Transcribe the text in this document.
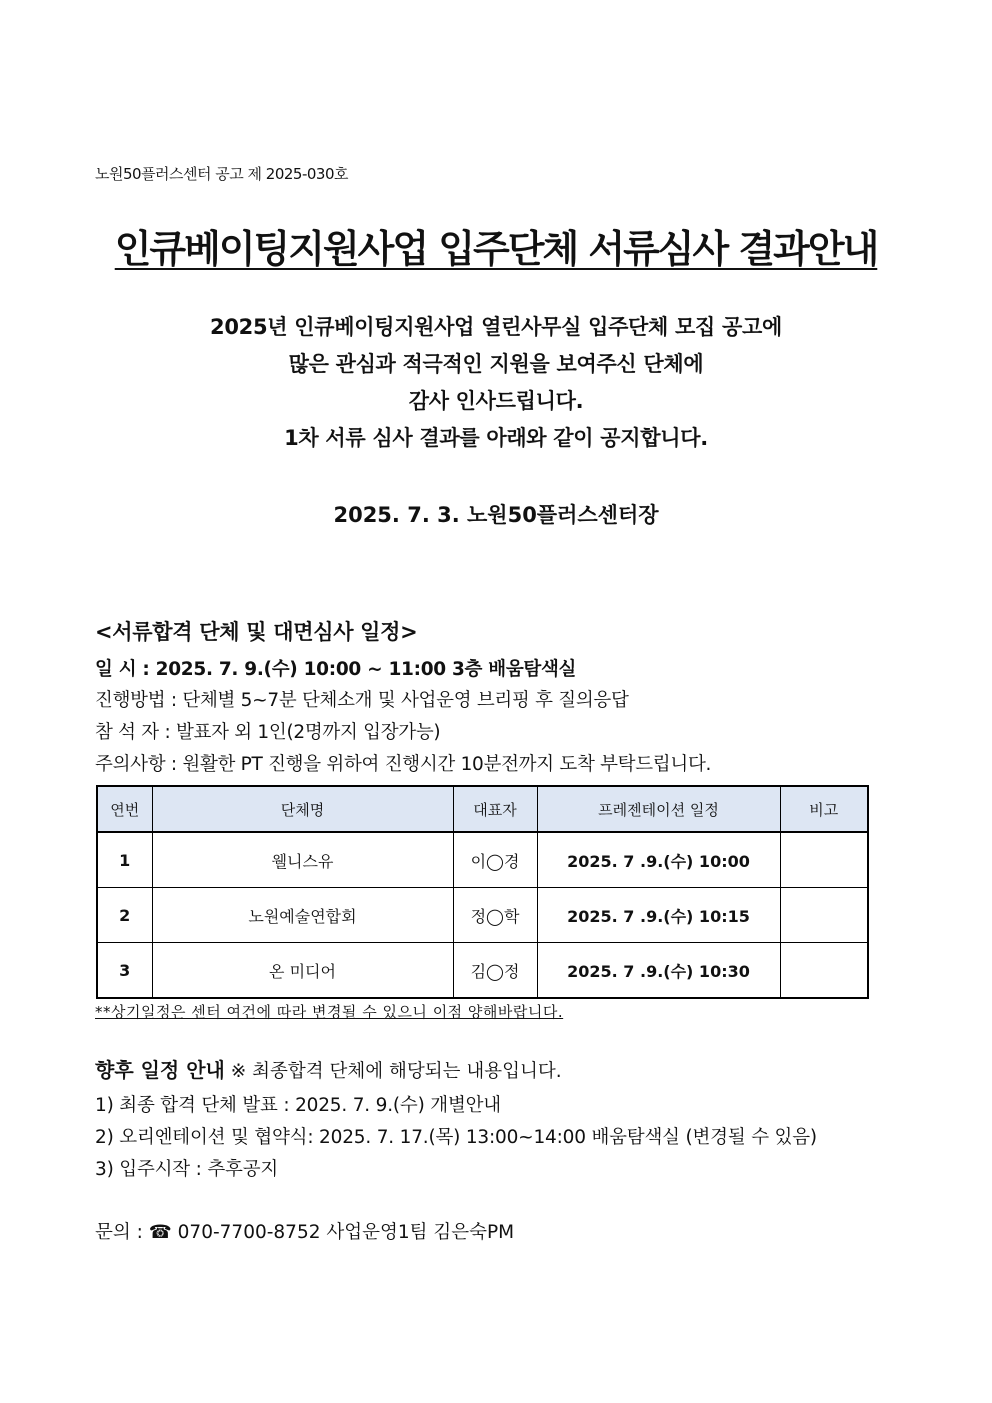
노원50플러스센터 공고 제 2025-030호
인큐베이팅지원사업 입주단체 서류심사 결과안내
2025년 인큐베이팅지원사업 열린사무실 입주단체 모집 공고에
많은 관심과 적극적인 지원을 보여주신 단체에
감사 인사드립니다.
1차 서류 심사 결과를 아래와 같이 공지합니다.
2025. 7. 3. 노원50플러스센터장
<서류합격 단체 및 대면심사 일정>
일 시 : 2025. 7. 9.(수) 10:00 ~ 11:00 3층 배움탐색실
진행방법 : 단체별 5~7분 단체소개 및 사업운영 브리핑 후 질의응답
참 석 자 : 발표자 외 1인(2명까지 입장가능)
주의사항 : 원활한 PT 진행을 위하여 진행시간 10분전까지 도착 부탁드립니다.
연번	단체명	대표자	프레젠테이션 일정	비고
1	웰니스유	이◯경	2025. 7 .9.(수) 10:00	
2	노원예술연합회	정◯학	2025. 7 .9.(수) 10:15	
3	온 미디어	김◯정	2025. 7 .9.(수) 10:30	
**상기일정은 센터 여건에 따라 변경될 수 있으니 이점 양해바랍니다.
향후 일정 안내 ※ 최종합격 단체에 해당되는 내용입니다.
1) 최종 합격 단체 발표 : 2025. 7. 9.(수) 개별안내
2) 오리엔테이션 및 협약식: 2025. 7. 17.(목) 13:00~14:00 배움탐색실 (변경될 수 있음)
3) 입주시작 : 추후공지
문의 : ☎ 070-7700-8752 사업운영1팀 김은숙PM
